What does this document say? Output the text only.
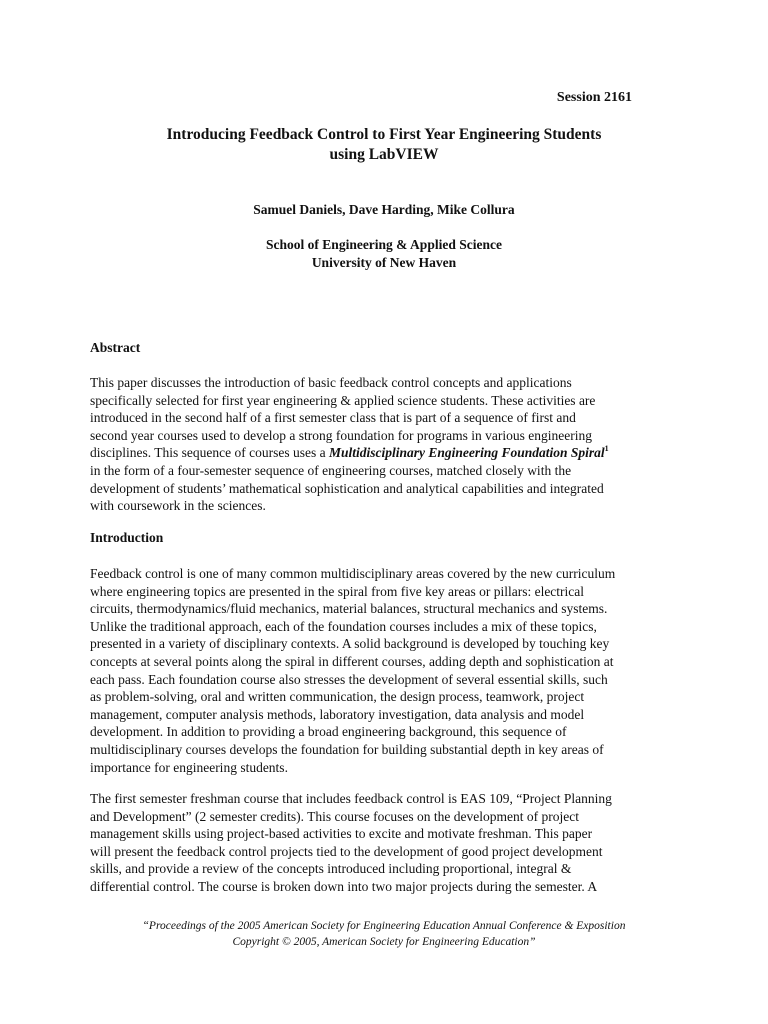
Session 2161
Introducing Feedback Control to First Year Engineering Students
using LabVIEW
Samuel Daniels, Dave Harding, Mike Collura
School of Engineering & Applied Science
University of New Haven
Abstract
This paper discusses the introduction of basic feedback control concepts and applications
specifically selected for first year engineering & applied science students. These activities are
introduced in the second half of a first semester class that is part of a sequence of first and
second year courses used to develop a strong foundation for programs in various engineering
disciplines. This sequence of courses uses a Multidisciplinary Engineering Foundation Spiral$^1$
in the form of a four-semester sequence of engineering courses, matched closely with the
development of students’ mathematical sophistication and analytical capabilities and integrated
with coursework in the sciences.
Introduction
Feedback control is one of many common multidisciplinary areas covered by the new curriculum
where engineering topics are presented in the spiral from five key areas or pillars: electrical
circuits, thermodynamics/fluid mechanics, material balances, structural mechanics and systems.
Unlike the traditional approach, each of the foundation courses includes a mix of these topics,
presented in a variety of disciplinary contexts. A solid background is developed by touching key
concepts at several points along the spiral in different courses, adding depth and sophistication at
each pass. Each foundation course also stresses the development of several essential skills, such
as problem-solving, oral and written communication, the design process, teamwork, project
management, computer analysis methods, laboratory investigation, data analysis and model
development. In addition to providing a broad engineering background, this sequence of
multidisciplinary courses develops the foundation for building substantial depth in key areas of
importance for engineering students.
The first semester freshman course that includes feedback control is EAS 109, “Project Planning
and Development” (2 semester credits). This course focuses on the development of project
management skills using project-based activities to excite and motivate freshman. This paper
will present the feedback control projects tied to the development of good project development
skills, and provide a review of the concepts introduced including proportional, integral &
differential control. The course is broken down into two major projects during the semester. A
“Proceedings of the 2005 American Society for Engineering Education Annual Conference & Exposition
Copyright © 2005, American Society for Engineering Education”
